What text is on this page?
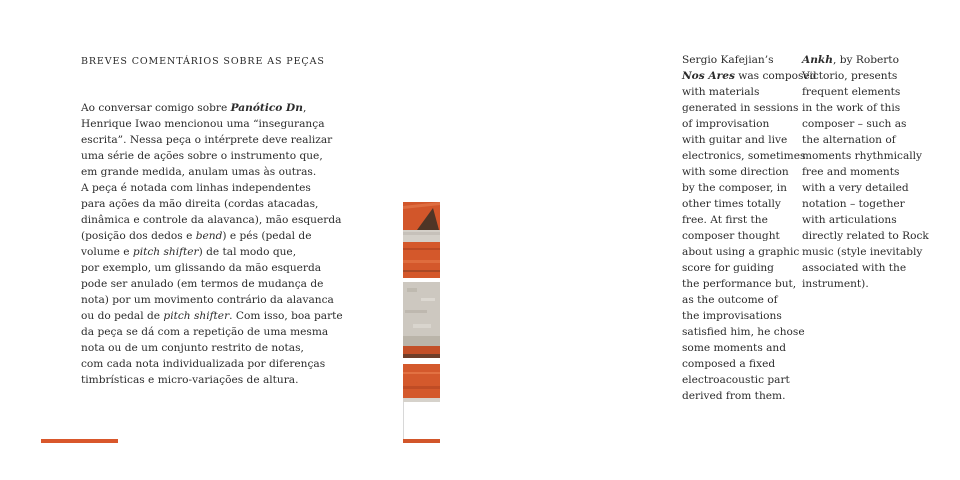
BREVES COMENTÁRIOS SOBRE AS PEÇAS

Ao conversar comigo sobre Panótico Dn,
Henrique Iwao mencionou uma “insegurança
escrita”. Nessa peça o intérprete deve realizar
uma série de ações sobre o instrumento que,
em grande medida, anulam umas às outras.
A peça é notada com linhas independentes
para ações da mão direita (cordas atacadas,
dinâmica e controle da alavanca), mão esquerda
(posição dos dedos e bend) e pés (pedal de
volume e pitch shifter) de tal modo que,
por exemplo, um glissando da mão esquerda
pode ser anulado (em termos de mudança de
nota) por um movimento contrário da alavanca
ou do pedal de pitch shifter. Com isso, boa parte
da peça se dá com a repetição de uma mesma
nota ou de um conjunto restrito de notas,
com cada nota individualizada por diferenças
timbrísticas e micro-variações de altura.

Sergio Kafejian’s
Nos Ares was composed
with materials
generated in sessions
of improvisation
with guitar and live
electronics, sometimes
with some direction
by the composer, in
other times totally
free. At first the
composer thought
about using a graphic
score for guiding
the performance but,
as the outcome of
the improvisations
satisfied him, he chose
some moments and
composed a fixed
electroacoustic part
derived from them.
Ankh, by Roberto
Victorio, presents
frequent elements
in the work of this
composer – such as
the alternation of
moments rhythmically
free and moments
with a very detailed
notation – together
with articulations
directly related to Rock
music (style inevitably
associated with the
instrument).
